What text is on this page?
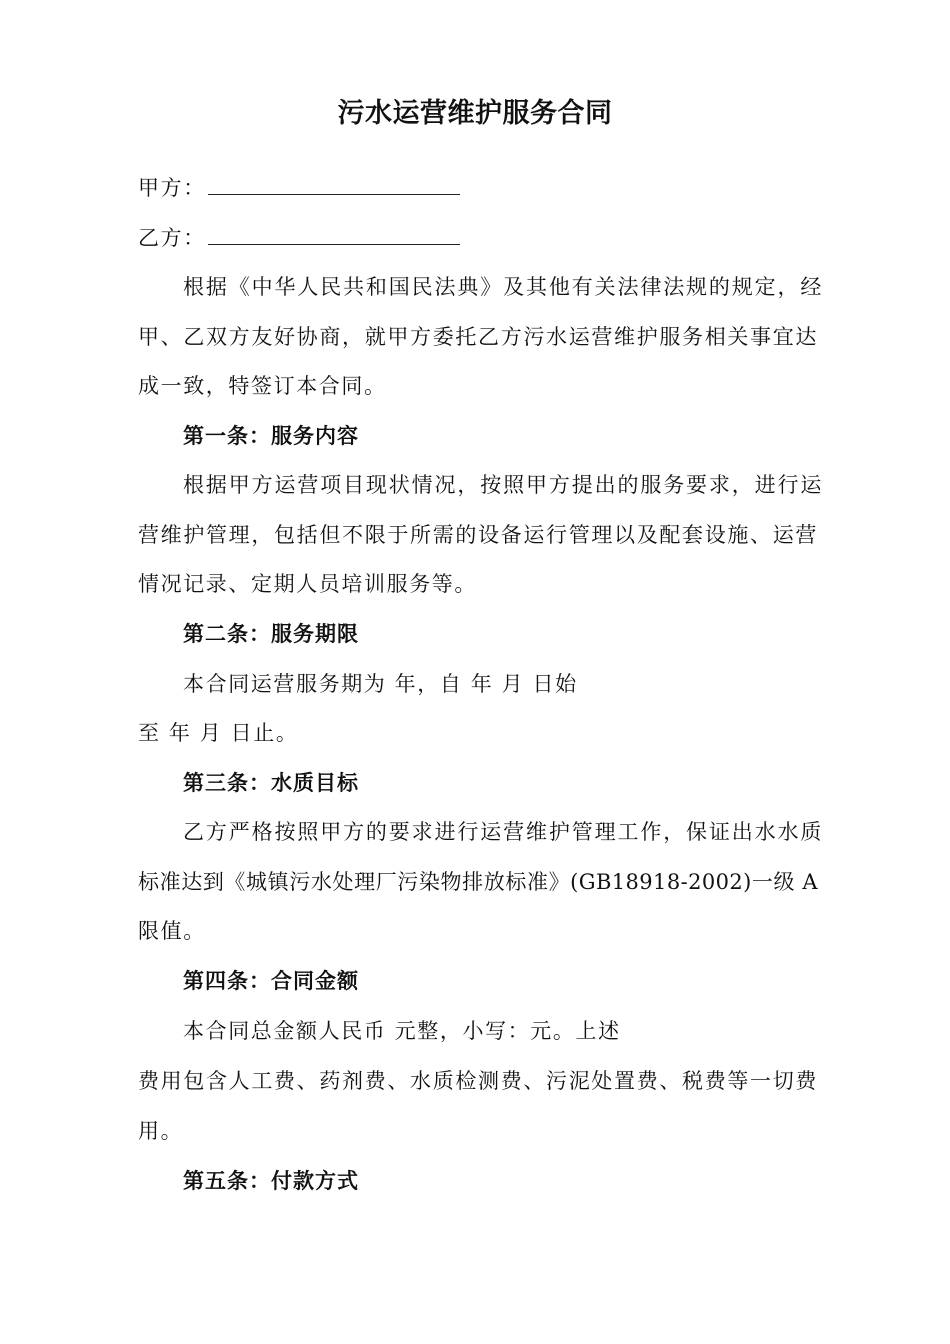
污水运营维护服务合同
甲方：
乙方：
根据《中华人民共和国民法典》及其他有关法律法规的规定，经
甲、乙双方友好协商，就甲方委托乙方污水运营维护服务相关事宜达
成一致，特签订本合同。
第一条：服务内容
根据甲方运营项目现状情况，按照甲方提出的服务要求，进行运
营维护管理，包括但不限于所需的设备运行管理以及配套设施、运营
情况记录、定期人员培训服务等。
第二条：服务期限
本合同运营服务期为 年，自 年 月 日始
至 年 月 日止。
第三条：水质目标
乙方严格按照甲方的要求进行运营维护管理工作，保证出水水质
标准达到《城镇污水处理厂污染物排放标准》(GB18918-2002)一级 A
限值。
第四条：合同金额
本合同总金额人民币 元整，小写：元。上述
费用包含人工费、药剂费、水质检测费、污泥处置费、税费等一切费
用。
第五条：付款方式
